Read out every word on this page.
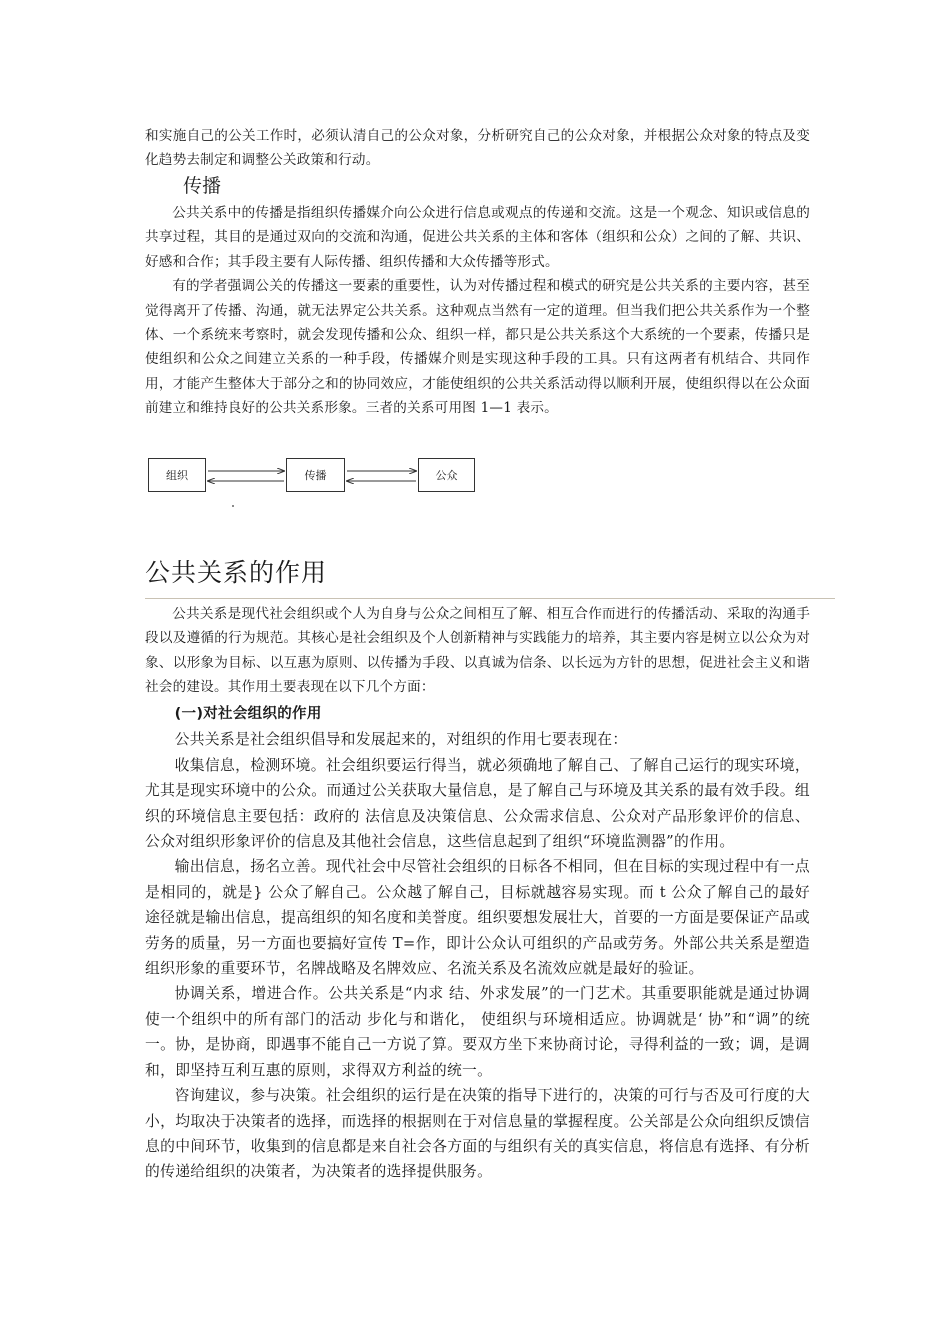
和实施自己的公关工作时，必须认清自己的公众对象，分析研究自己的公众对象，并根据公众对象的特点及变化趋势去制定和调整公关政策和行动。

传播

公共关系中的传播是指组织传播媒介向公众进行信息或观点的传递和交流。这是一个观念、知识或信息的共享过程，其目的是通过双向的交流和沟通，促进公共关系的主体和客体（组织和公众）之间的了解、共识、好感和合作；其手段主要有人际传播、组织传播和大众传播等形式。

有的学者强调公关的传播这一要素的重要性，认为对传播过程和模式的研究是公共关系的主要内容，甚至觉得离开了传播、沟通，就无法界定公共关系。这种观点当然有一定的道理。但当我们把公共关系作为一个整体、一个系统来考察时，就会发现传播和公众、组织一样，都只是公共关系这个大系统的一个要素，传播只是使组织和公众之间建立关系的一种手段，传播媒介则是实现这种手段的工具。只有这两者有机结合、共同作用，才能产生整体大于部分之和的协同效应，才能使组织的公共关系活动得以顺利开展，使组织得以在公众面前建立和维持良好的公共关系形象。三者的关系可用图 1—1 表示。

组织	传播	公众
公共关系的作用

公共关系是现代社会组织或个人为自身与公众之间相互了解、相互合作而进行的传播活动、采取的沟通手段以及遵循的行为规范。其核心是社会组织及个人创新精神与实践能力的培养，其主要内容是树立以公众为对象、以形象为目标、以互惠为原则、以传播为手段、以真诚为信条、以长远为方针的思想，促进社会主义和谐社会的建设。其作用土要表现在以下几个方面：

(一)对社会组织的作用

公共关系是社会组织倡导和发展起来的，对组织的作用七要表现在：

收集信息，检测环境。社会组织要运行得当，就必须确地了解自己、了解自己运行的现实环境，尤其是现实环境中的公众。而通过公关获取大量信息，是了解自己与环境及其关系的最有效手段。组织的环境信息主要包括：政府的 法信息及决策信息、公众需求信息、公众对产品形象评价的信息、公众对组织形象评价的信息及其他社会信息，这些信息起到了组织“环境监测器”的作用。

输出信息，扬名立善。现代社会中尽管社会组织的日标各不相同，但在目标的实现过程中有一点是相同的，就是} 公众了解自己。公众越了解自己，目标就越容易实现。而 t 公众了解自己的最好途径就是输出信息，提高组织的知名度和美誉度。组织要想发展壮大，首要的一方面是要保证产品或劳务的质量，另一方面也要搞好宣传 T=作，即计公众认可组织的产品或劳务。外部公共关系是塑造组织形象的重要环节，名牌战略及名牌效应、名流关系及名流效应就是最好的验证。

协调关系，增进合作。公共关系是“内求 结、外求发展”的一门艺术。其重要职能就是通过协调使一个组织中的所有部门的活动 步化与和谐化， 使组织与环境相适应。协调就是‘ 协”和“调”的统一。协，是协商，即遇事不能自己一方说了算。要双方坐下来协商讨论，寻得利益的一致；调，是调和，即坚持互利互惠的原则，求得双方利益的统一。

咨询建议，参与决策。社会组织的运行是在决策的指导下进行的，决策的可行与否及可行度的大小，均取决于决策者的选择，而选择的根据则在于对信息量的掌握程度。公关部是公众向组织反馈信息的中间环节，收集到的信息都是来自社会各方面的与组织有关的真实信息，将信息有选择、有分析的传递给组织的决策者，为决策者的选择提供服务。
